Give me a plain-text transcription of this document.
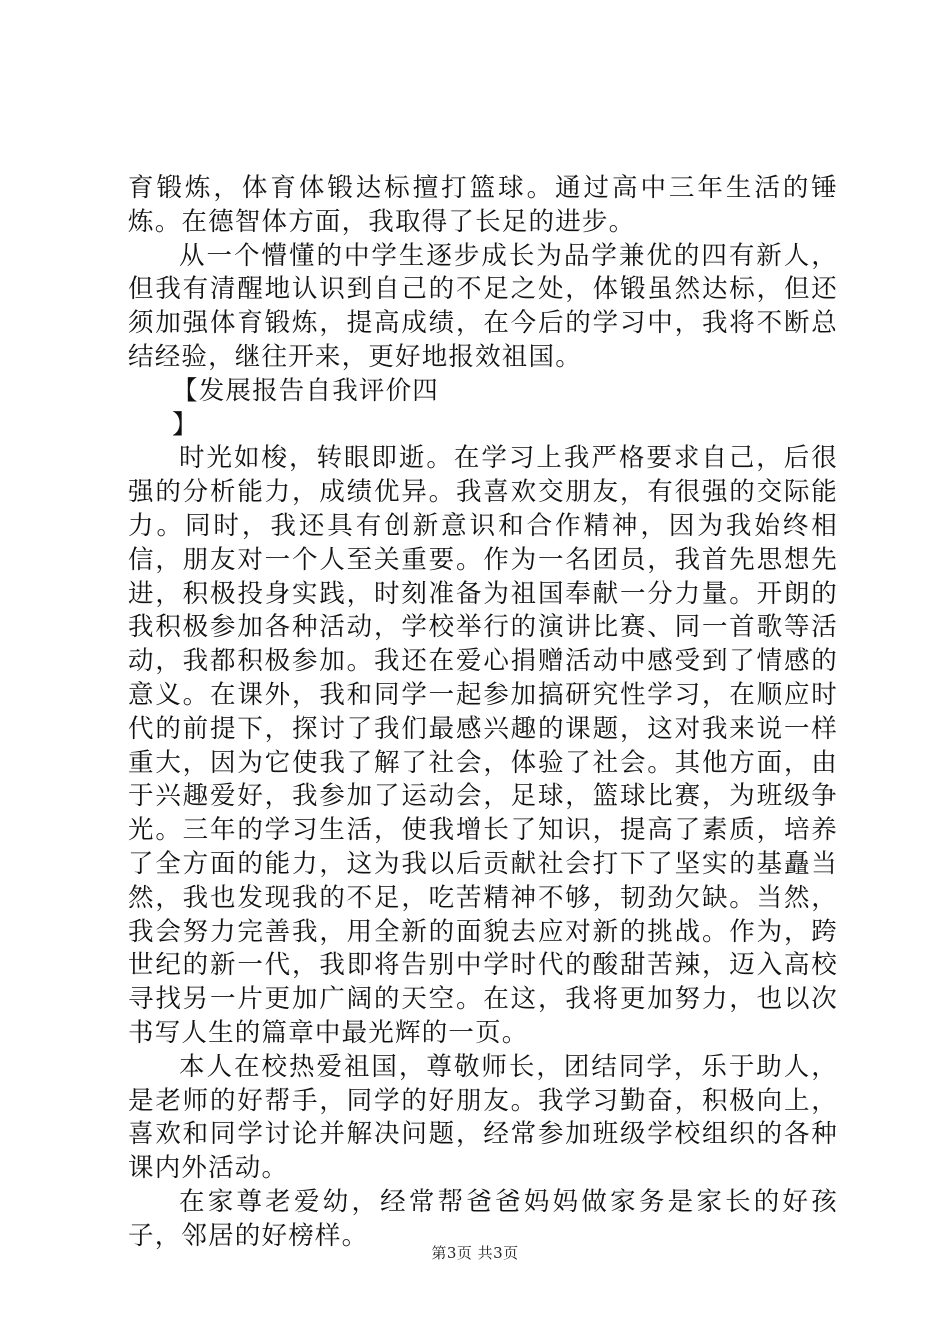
育锻炼，体育体锻达标擅打篮球。通过高中三年生活的锤炼。在德智体方面，我取得了长足的进步。

从一个懵懂的中学生逐步成长为品学兼优的四有新人，但我有清醒地认识到自己的不足之处，体锻虽然达标，但还须加强体育锻炼，提高成绩，在今后的学习中，我将不断总结经验，继往开来，更好地报效祖国。

【发展报告自我评价四

】

时光如梭，转眼即逝。在学习上我严格要求自己，后很强的分析能力，成绩优异。我喜欢交朋友，有很强的交际能力。同时，我还具有创新意识和合作精神，因为我始终相信，朋友对一个人至关重要。作为一名团员，我首先思想先进，积极投身实践，时刻准备为祖国奉献一分力量。开朗的我积极参加各种活动，学校举行的演讲比赛、同一首歌等活动，我都积极参加。我还在爱心捐赠活动中感受到了情感的意义。在课外，我和同学一起参加搞研究性学习，在顺应时代的前提下，探讨了我们最感兴趣的课题，这对我来说一样重大，因为它使我了解了社会，体验了社会。其他方面，由于兴趣爱好，我参加了运动会，足球，篮球比赛，为班级争光。三年的学习生活，使我增长了知识，提高了素质，培养了全方面的能力，这为我以后贡献社会打下了坚实的基矗当然，我也发现我的不足，吃苦精神不够，韧劲欠缺。当然，我会努力完善我，用全新的面貌去应对新的挑战。作为，跨世纪的新一代，我即将告别中学时代的酸甜苦辣，迈入高校寻找另一片更加广阔的天空。在这，我将更加努力，也以次书写人生的篇章中最光辉的一页。

本人在校热爱祖国，尊敬师长，团结同学，乐于助人，是老师的好帮手，同学的好朋友。我学习勤奋，积极向上，喜欢和同学讨论并解决问题，经常参加班级学校组织的各种课内外活动。

在家尊老爱幼，经常帮爸爸妈妈做家务是家长的好孩子，邻居的好榜样。

第3页 共3页
